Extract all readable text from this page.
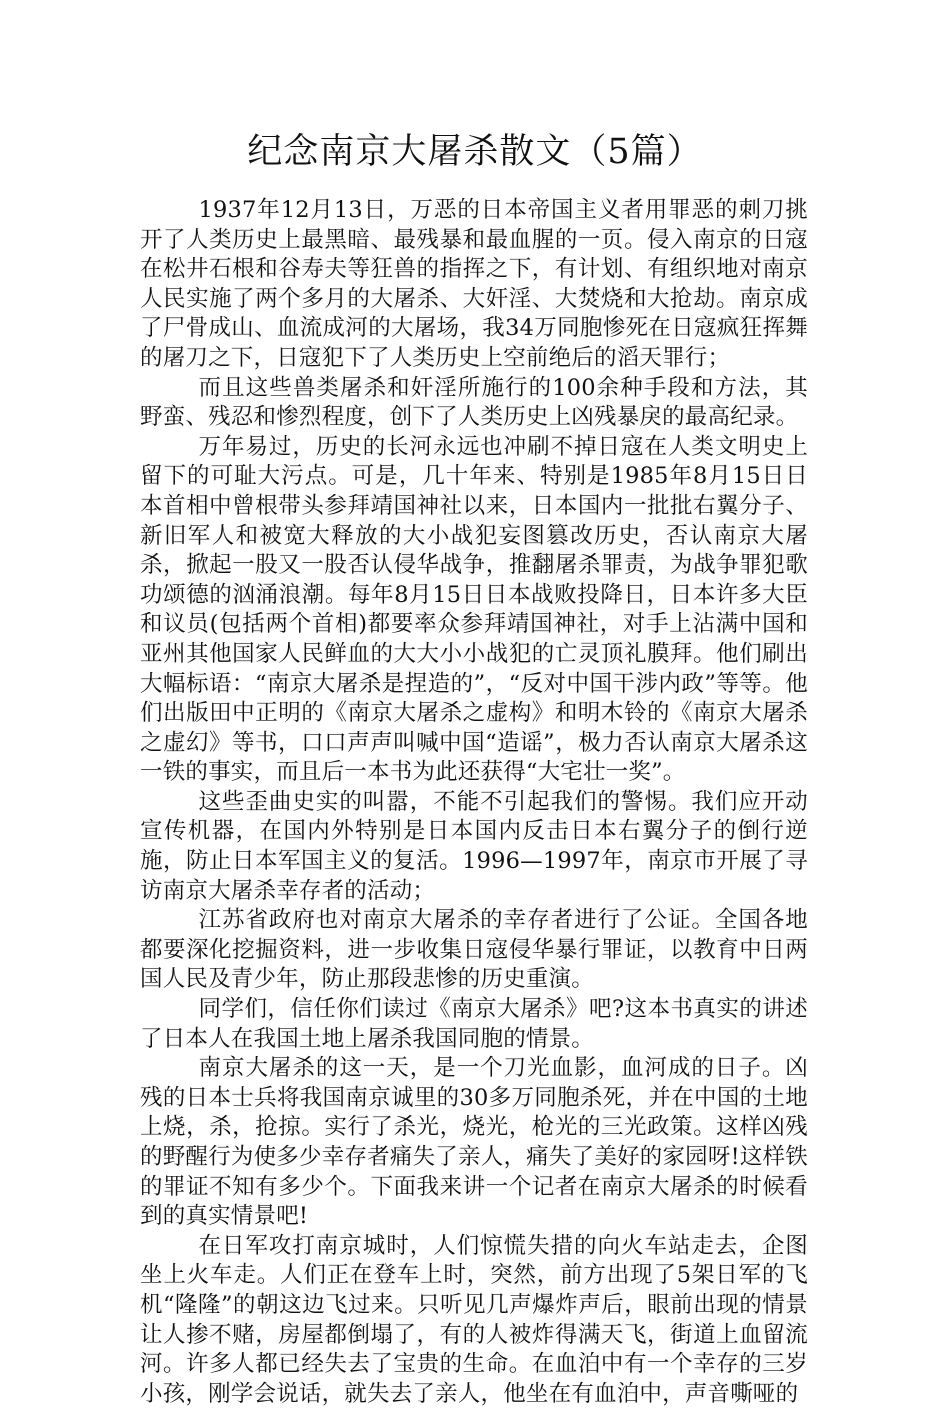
纪念南京大屠杀散文（5篇）

1937年12月13日，万恶的日本帝国主义者用罪恶的刺刀挑开了人类历史上最黑暗、最残暴和最血腥的一页。侵入南京的日寇在松井石根和谷寿夫等狂兽的指挥之下，有计划、有组织地对南京人民实施了两个多月的大屠杀、大奸淫、大焚烧和大抢劫。南京成了尸骨成山、血流成河的大屠场，我34万同胞惨死在日寇疯狂挥舞的屠刀之下，日寇犯下了人类历史上空前绝后的滔天罪行；

而且这些兽类屠杀和奸淫所施行的100余种手段和方法，其野蛮、残忍和惨烈程度，创下了人类历史上凶残暴戾的最高纪录。

万年易过，历史的长河永远也冲刷不掉日寇在人类文明史上留下的可耻大污点。可是，几十年来、特别是1985年8月15日日本首相中曾根带头参拜靖国神社以来，日本国内一批批右翼分子、新旧军人和被宽大释放的大小战犯妄图篡改历史，否认南京大屠杀，掀起一股又一股否认侵华战争，推翻屠杀罪责，为战争罪犯歌功颂德的汹涌浪潮。每年8月15日日本战败投降日，日本许多大臣和议员(包括两个首相)都要率众参拜靖国神社，对手上沾满中国和亚州其他国家人民鲜血的大大小小战犯的亡灵顶礼膜拜。他们刷出大幅标语：“南京大屠杀是捏造的”，“反对中国干涉内政”等等。他们出版田中正明的《南京大屠杀之虚构》和明木铃的《南京大屠杀之虚幻》等书，口口声声叫喊中国“造谣”，极力否认南京大屠杀这一铁的事实，而且后一本书为此还获得“大宅壮一奖”。

这些歪曲史实的叫嚣，不能不引起我们的警惕。我们应开动宣传机器，在国内外特别是日本国内反击日本右翼分子的倒行逆施，防止日本军国主义的复活。1996—1997年，南京市开展了寻访南京大屠杀幸存者的活动；

江苏省政府也对南京大屠杀的幸存者进行了公证。全国各地都要深化挖掘资料，进一步收集日寇侵华暴行罪证，以教育中日两国人民及青少年，防止那段悲惨的历史重演。

同学们，信任你们读过《南京大屠杀》吧?这本书真实的讲述了日本人在我国土地上屠杀我国同胞的情景。

南京大屠杀的这一天，是一个刀光血影，血河成的日子。凶残的日本士兵将我国南京诚里的30多万同胞杀死，并在中国的土地上烧，杀，抢掠。实行了杀光，烧光，枪光的三光政策。这样凶残的野醒行为使多少幸存者痛失了亲人，痛失了美好的家园呀!这样铁的罪证不知有多少个。下面我来讲一个记者在南京大屠杀的时候看到的真实情景吧!

在日军攻打南京城时，人们惊慌失措的向火车站走去，企图坐上火车走。人们正在登车上时，突然，前方出现了5架日军的飞机“隆隆”的朝这边飞过来。只听见几声爆炸声后，眼前出现的情景让人掺不赌，房屋都倒塌了，有的人被炸得满天飞，街道上血留流河。许多人都已经失去了宝贵的生命。在血泊中有一个幸存的三岁小孩，刚学会说话，就失去了亲人，他坐在有血泊中，声音嘶哑的
